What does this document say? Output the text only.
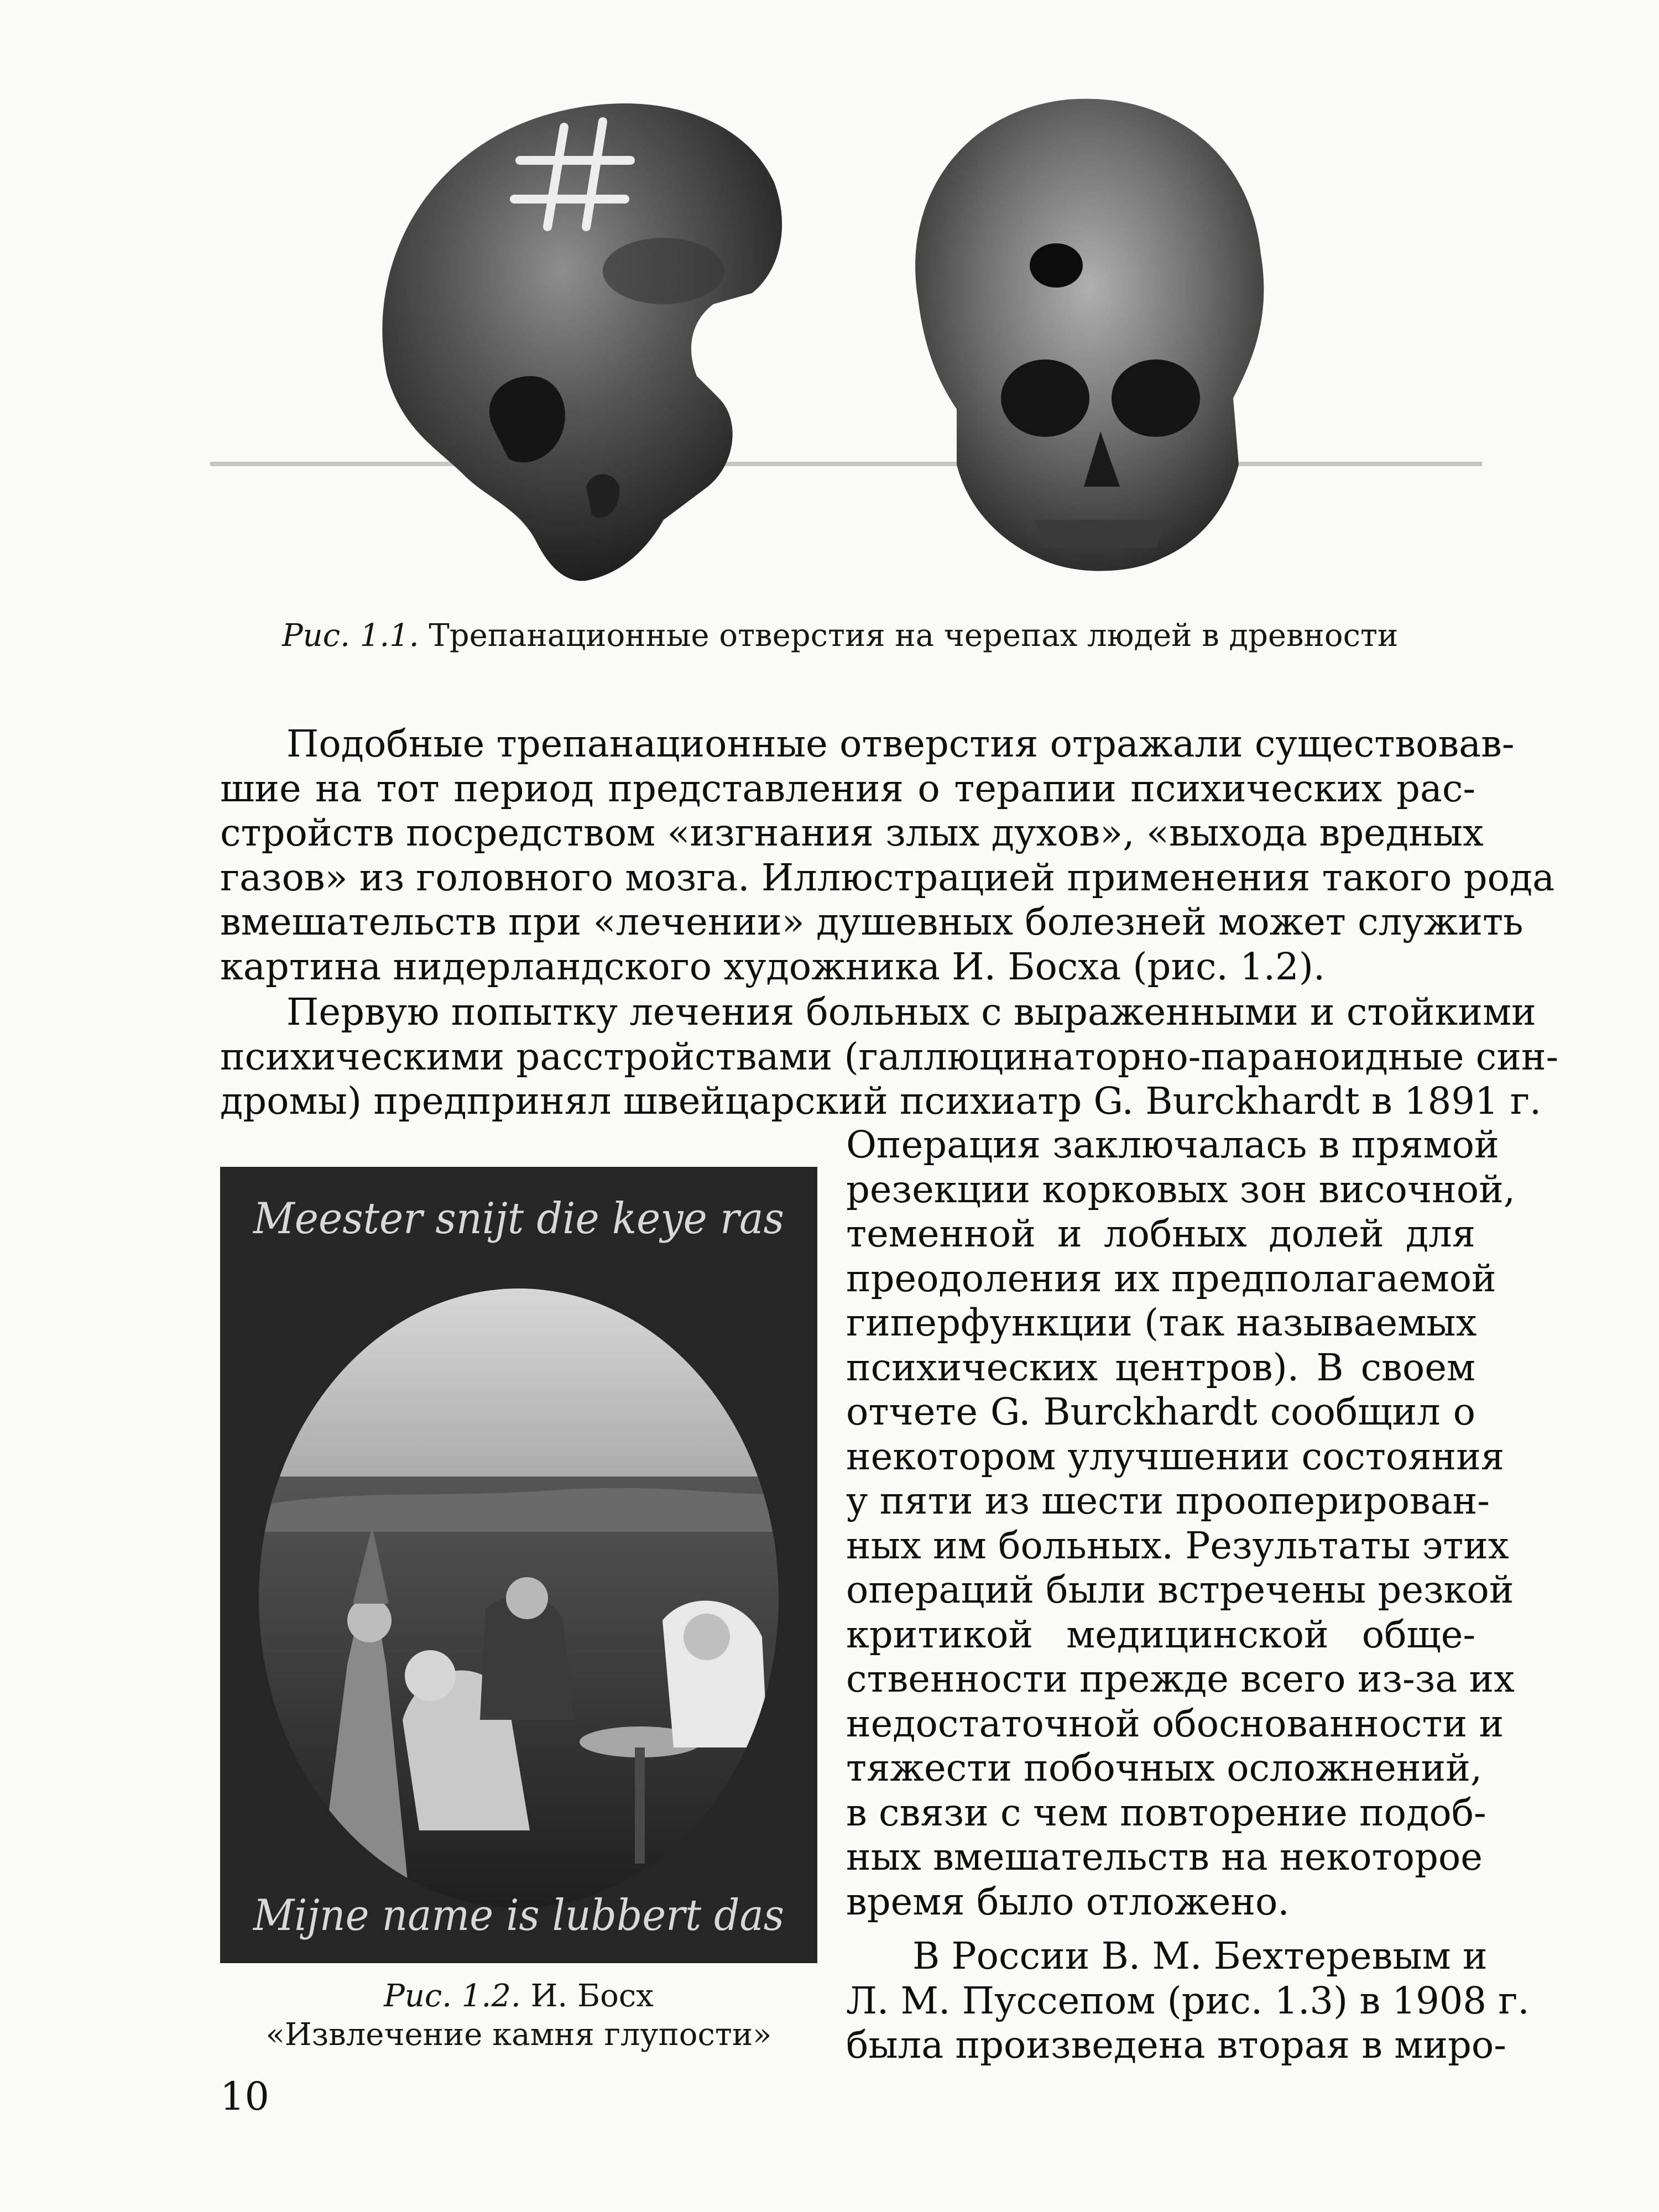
Рис. 1.1. Трепанационные отверстия на черепах людей в древности
Подобные трепанационные отверстия отражали существовав-
шие на тот период представления о терапии психических рас-
стройств посредством «изгнания злых духов», «выхода вредных
газов» из головного мозга. Иллюстрацией применения такого рода
вмешательств при «лечении» душевных болезней может служить
картина нидерландского художника И. Босха (рис. 1.2).
Первую попытку лечения больных с выраженными и стойкими
психическими расстройствами (галлюцинаторно-параноидные син-
дромы) предпринял швейцарский психиатр G. Burckhardt в 1891 г.
Операция заключалась в прямой
резекции корковых зон височной,
теменной и лобных долей для
преодоления их предполагаемой
гиперфункции (так называемых
психических центров). В своем
отчете G. Burckhardt сообщил о
некотором улучшении состояния
у пяти из шести прооперирован-
ных им больных. Результаты этих
операций были встречены резкой
критикой медицинской обще-
ственности прежде всего из-за их
недостаточной обоснованности и
тяжести побочных осложнений,
в связи с чем повторение подоб-
ных вмешательств на некоторое
время было отложено.
В России В. М. Бехтеревым и
Л. М. Пуссепом (рис. 1.3) в 1908 г.
была произведена вторая в миро-
Meester snijt die keye ras
Mijne name is lubbert das
Рис. 1.2. И. Босх
«Извлечение камня глупости»
10
